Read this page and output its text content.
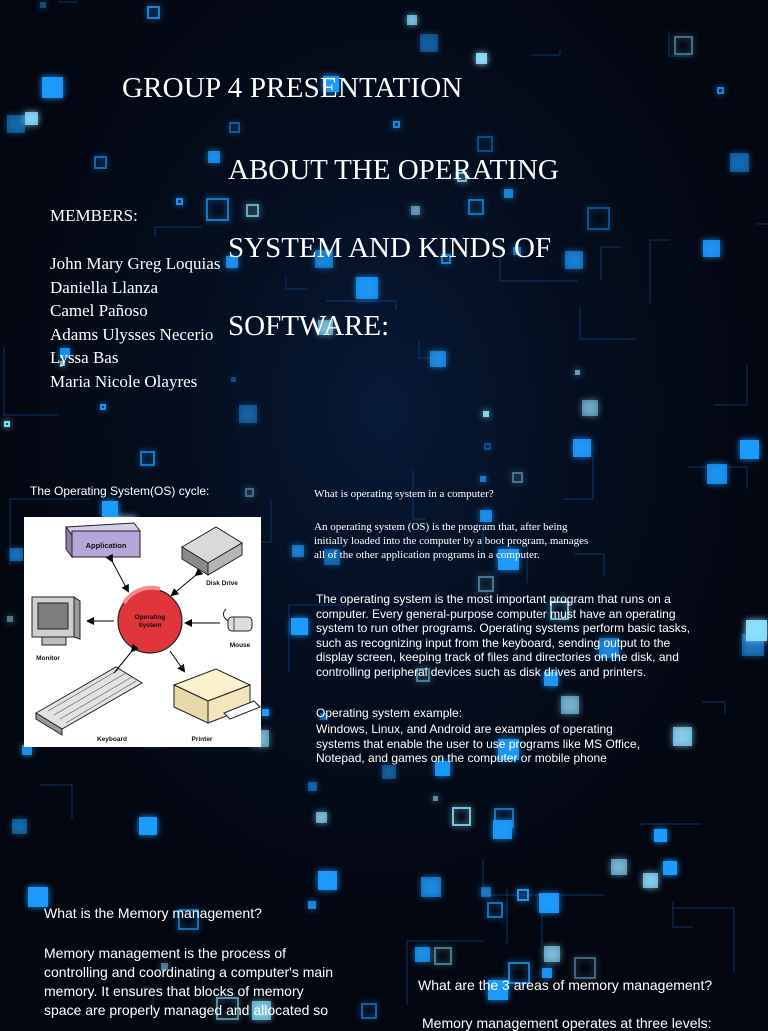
GROUP 4 PRESENTATION

ABOUT THE OPERATING

SYSTEM AND KINDS OF

SOFTWARE:

MEMBERS:
John Mary Greg Loquias
Daniella Llanza
Camel Pañoso
Adams Ulysses Necerio
Lyssa Bas
Maria Nicole Olayres
The Operating System(OS) cycle:
Application
Disk Drive
Monitor
Mouse
Keyboard	Printer
Operating
System
What is operating system in a computer?
An operating system (OS) is the program that, after being
initially loaded into the computer by a boot program, manages
all of the other application programs in a computer.
The operating system is the most important program that runs on a
computer. Every general-purpose computer must have an operating
system to run other programs. Operating systems perform basic tasks,
such as recognizing input from the keyboard, sending output to the
display screen, keeping track of files and directories on the disk, and
controlling peripheral devices such as disk drives and printers.
Operating system example:
Windows, Linux, and Android are examples of operating
systems that enable the user to use programs like MS Office,
Notepad, and games on the computer or mobile phone
What is the Memory management?
Memory management is the process of
controlling and coordinating a computer's main
memory. It ensures that blocks of memory
space are properly managed and allocated so
What are the 3 areas of memory management?
Memory management operates at three levels:
